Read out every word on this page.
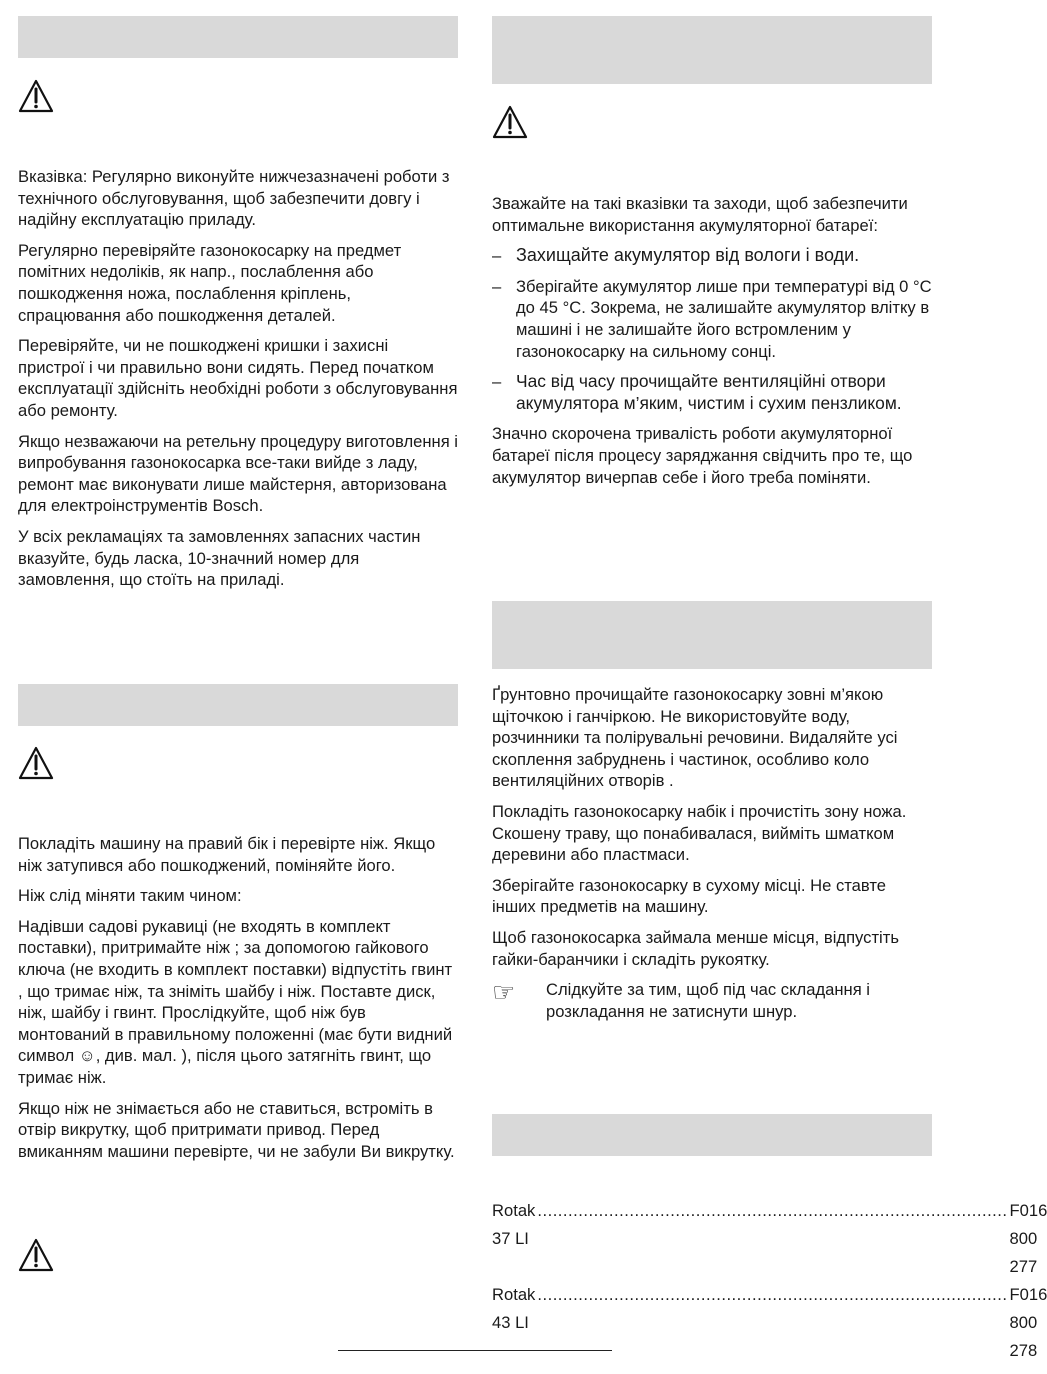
Вказівка: Регулярно виконуйте нижчезазначені роботи з технічного обслуговування, щоб забезпечити довгу і надійну експлуатацію приладу.

Регулярно перевіряйте газонокосарку на предмет помітних недоліків, як напр., послаблення або пошкодження ножа, послаблення кріплень, спрацювання або пошкодження деталей.

Перевіряйте, чи не пошкоджені кришки і захисні пристрої і чи правильно вони сидять. Перед початком експлуатації здійсніть необхідні роботи з обслуговування або ремонту.

Якщо незважаючи на ретельну процедуру виготовлення і випробування газонокосарка все-таки вийде з ладу, ремонт має виконувати лише майстерня, авторизована для електроінструментів Bosch.

У всіх рекламаціях та замовленнях запасних частин вказуйте, будь ласка, 10-значний номер для замовлення, що стоїть на приладі.

Покладіть машину на правий бік і перевірте ніж. Якщо ніж затупився або пошкоджений, поміняйте його.

Ніж слід міняти таким чином:

Надівши садові рукавиці (не входять в комплект поставки), притримайте ніж ; за допомогою гайкового ключа (не входить в комплект поставки) відпустіть гвинт , що тримає ніж, та зніміть шайбу і ніж. Поставте диск, ніж, шайбу і гвинт. Прослідкуйте, щоб ніж був монтований в правильному положенні (має бути видний символ ☺, див. мал. ), після цього затягніть гвинт, що тримає ніж.

Якщо ніж не знімається або не ставиться, встроміть в отвір викрутку, щоб притримати привод. Перед вмиканням машини перевірте, чи не забули Ви викрутку.

Зважайте на такі вказівки та заходи, щоб забезпечити оптимальне використання акумуляторної батареї:

– Захищайте акумулятор від вологи і води.
– Зберігайте акумулятор лише при температурі від 0 °C до 45 °C. Зокрема, не залишайте акумулятор влітку в машині і не залишайте його встромленим у газонокосарку на сильному сонці.
– Час від часу прочищайте вентиляційні отвори акумулятора м’яким, чистим і сухим пензликом.

Значно скорочена тривалість роботи акумуляторної батареї після процесу заряджання свідчить про те, що акумулятор вичерпав себе і його треба поміняти.

Ґрунтовно прочищайте газонокосарку зовні м’якою щіточкою і ганчіркою. Не використовуйте воду, розчинники та полірувальні речовини. Видаляйте усі скоплення забруднень і частинок, особливо коло вентиляційних отворів .

Покладіть газонокосарку набік і прочистіть зону ножа. Скошену траву, що понабивалася, вийміть шматком деревини або пластмаси.

Зберігайте газонокосарку в сухому місці. Не ставте інших предметів на машину.

Щоб газонокосарка займала менше місця, відпустіть гайки-баранчики і складіть рукоятку.

☞	Слідкуйте за тим, щоб під час складання і розкладання не затиснути шнур.
Rotak 37 LI
............................................................................................ F016 800 277
Rotak 43 LI
............................................................................................ F016 800 278
